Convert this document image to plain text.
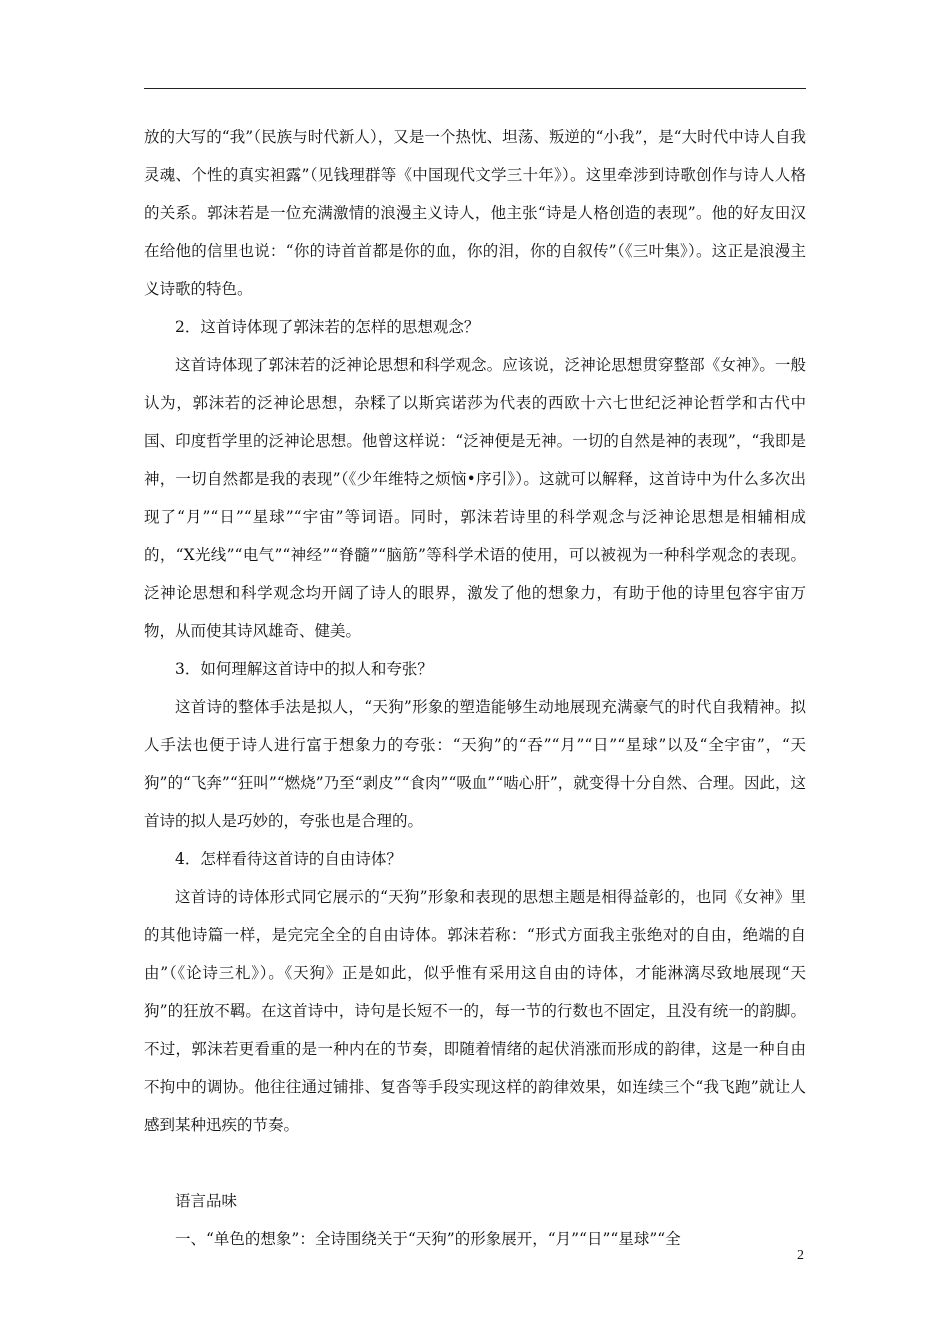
放的大写的“我”（民族与时代新人），又是一个热忱、坦荡、叛逆的“小我”，是“大时代中诗人自我灵魂、个性的真实袒露”（见钱理群等《中国现代文学三十年》）。这里牵涉到诗歌创作与诗人人格的关系。郭沫若是一位充满激情的浪漫主义诗人，他主张“诗是人格创造的表现”。他的好友田汉在给他的信里也说：“你的诗首首都是你的血，你的泪，你的自叙传”（《三叶集》）。这正是浪漫主义诗歌的特色。

2．这首诗体现了郭沫若的怎样的思想观念？

这首诗体现了郭沫若的泛神论思想和科学观念。应该说，泛神论思想贯穿整部《女神》。一般认为，郭沫若的泛神论思想，杂糅了以斯宾诺莎为代表的西欧十六七世纪泛神论哲学和古代中国、印度哲学里的泛神论思想。他曾这样说：“泛神便是无神。一切的自然是神的表现”，“我即是神，一切自然都是我的表现”（《少年维特之烦恼•序引》）。这就可以解释，这首诗中为什么多次出现了“月”“日”“星球”“宇宙”等词语。同时，郭沫若诗里的科学观念与泛神论思想是相辅相成的，“X光线”“电气”“神经”“脊髓”“脑筋”等科学术语的使用，可以被视为一种科学观念的表现。泛神论思想和科学观念均开阔了诗人的眼界，激发了他的想象力，有助于他的诗里包容宇宙万物，从而使其诗风雄奇、健美。

3．如何理解这首诗中的拟人和夸张？

这首诗的整体手法是拟人，“天狗”形象的塑造能够生动地展现充满豪气的时代自我精神。拟人手法也便于诗人进行富于想象力的夸张：“天狗”的“吞”“月”“日”“星球”以及“全宇宙”，“天狗”的“飞奔”“狂叫”“燃烧”乃至“剥皮”“食肉”“吸血”“啮心肝”，就变得十分自然、合理。因此，这首诗的拟人是巧妙的，夸张也是合理的。

4．怎样看待这首诗的自由诗体？

这首诗的诗体形式同它展示的“天狗”形象和表现的思想主题是相得益彰的，也同《女神》里的其他诗篇一样，是完完全全的自由诗体。郭沫若称：“形式方面我主张绝对的自由，绝端的自由”（《论诗三札》）。《天狗》正是如此，似乎惟有采用这自由的诗体，才能淋漓尽致地展现“天狗”的狂放不羁。在这首诗中，诗句是长短不一的，每一节的行数也不固定，且没有统一的韵脚。不过，郭沫若更看重的是一种内在的节奏，即随着情绪的起伏消涨而形成的韵律，这是一种自由不拘中的调协。他往往通过铺排、复沓等手段实现这样的韵律效果，如连续三个“我飞跑”就让人感到某种迅疾的节奏。

语言品味

一、“单色的想象”：全诗围绕关于“天狗”的形象展开，“月”“日”“星球”“全

2
